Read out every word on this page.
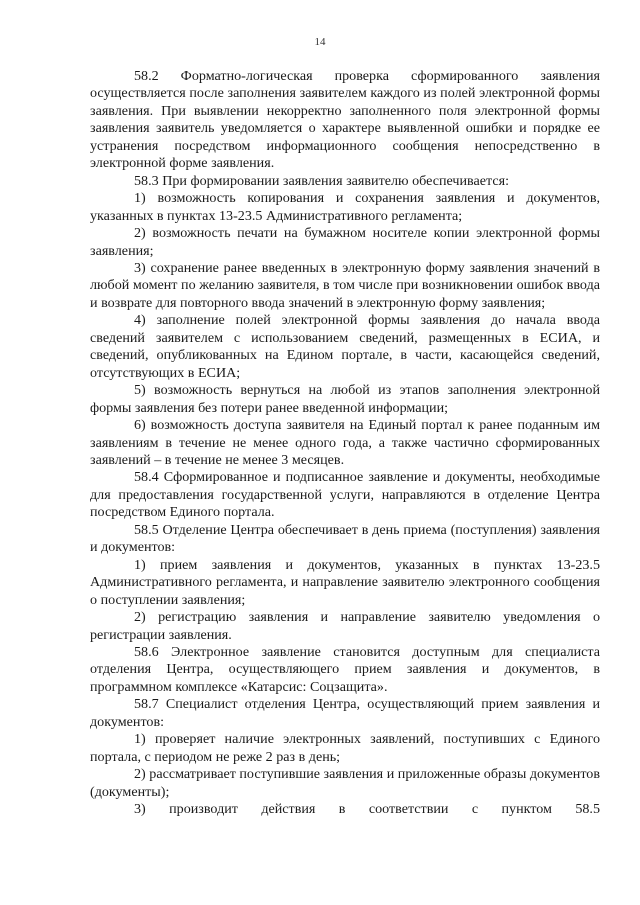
14

58.2 Форматно-логическая проверка сформированного заявления осуществляется после заполнения заявителем каждого из полей электронной формы заявления. При выявлении некорректно заполненного поля электронной формы заявления заявитель уведомляется о характере выявленной ошибки и порядке ее устранения посредством информационного сообщения непосредственно в электронной форме заявления.

58.3 При формировании заявления заявителю обеспечивается:

1) возможность копирования и сохранения заявления и документов, указанных в пунктах 13-23.5 Административного регламента;

2) возможность печати на бумажном носителе копии электронной формы заявления;

3) сохранение ранее введенных в электронную форму заявления значений в любой момент по желанию заявителя, в том числе при возникновении ошибок ввода и возврате для повторного ввода значений в электронную форму заявления;

4) заполнение полей электронной формы заявления до начала ввода сведений заявителем с использованием сведений, размещенных в ЕСИА, и сведений, опубликованных на Едином портале, в части, касающейся сведений, отсутствующих в ЕСИА;

5) возможность вернуться на любой из этапов заполнения электронной формы заявления без потери ранее введенной информации;

6) возможность доступа заявителя на Единый портал к ранее поданным им заявлениям в течение не менее одного года, а также частично сформированных заявлений – в течение не менее 3 месяцев.

58.4 Сформированное и подписанное заявление и документы, необходимые для предоставления государственной услуги, направляются в отделение Центра посредством Единого портала.

58.5 Отделение Центра обеспечивает в день приема (поступления) заявления и документов:

1) прием заявления и документов, указанных в пунктах 13-23.5 Административного регламента, и направление заявителю электронного сообщения о поступлении заявления;

2) регистрацию заявления и направление заявителю уведомления о регистрации заявления.

58.6 Электронное заявление становится доступным для специалиста отделения Центра, осуществляющего прием заявления и документов, в программном комплексе «Катарсис: Соцзащита».

58.7 Специалист отделения Центра, осуществляющий прием заявления и документов:

1) проверяет наличие электронных заявлений, поступивших с Единого портала, с периодом не реже 2 раз в день;

2) рассматривает поступившие заявления и приложенные образы документов (документы);

3) производит действия в соответствии с пунктом 58.5
